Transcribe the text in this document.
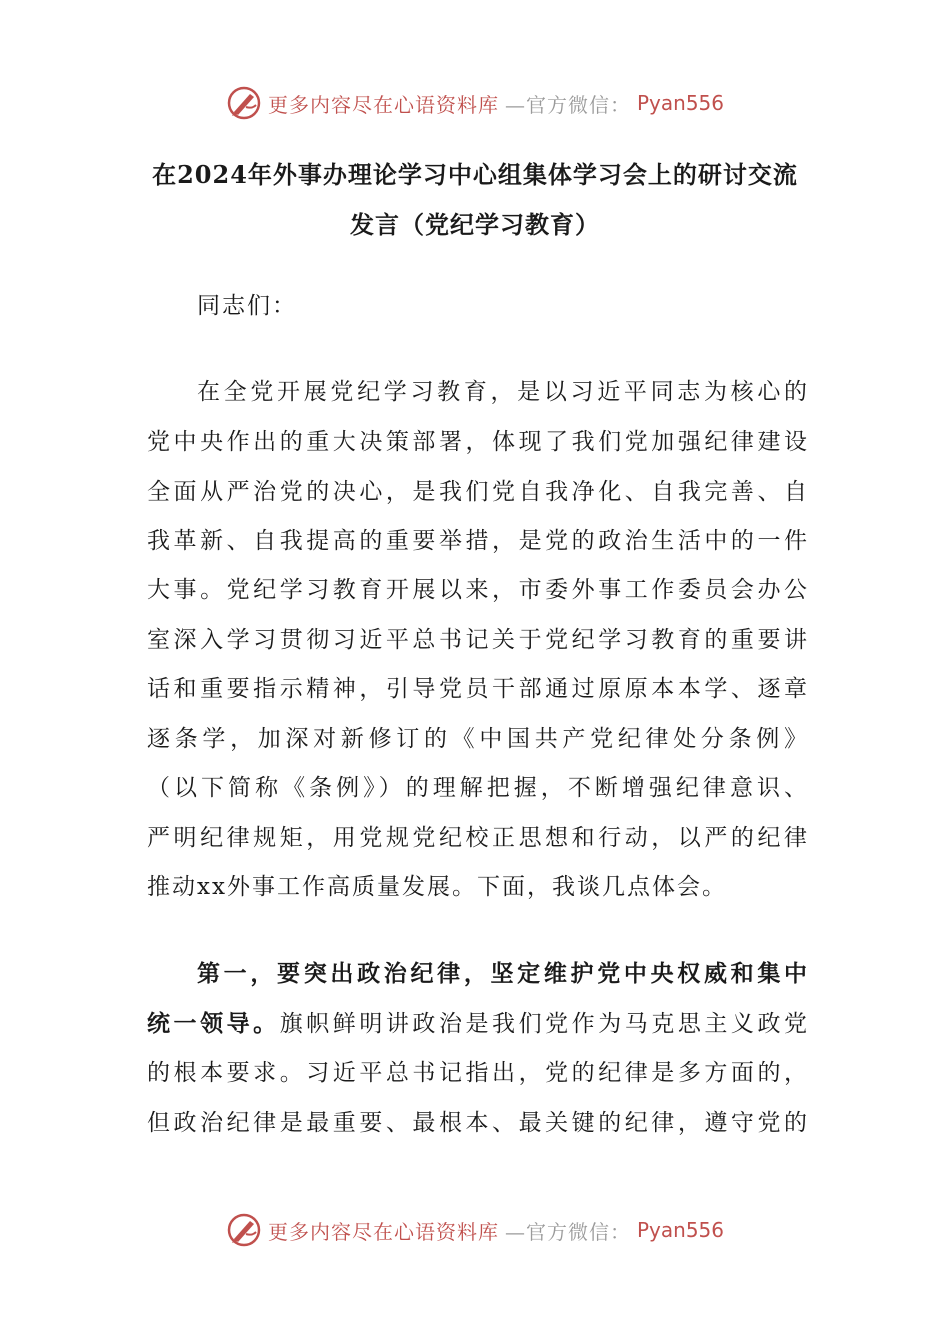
更多内容尽在心语资料库 —官方微信： Pyan556
在2024年外事办理论学习中心组集体学习会上的研讨交流
发言（党纪学习教育）
同志们：
在全党开展党纪学习教育，是以习近平同志为核心的
党中央作出的重大决策部署，体现了我们党加强纪律建设
全面从严治党的决心，是我们党自我净化、自我完善、自
我革新、自我提高的重要举措，是党的政治生活中的一件
大事。党纪学习教育开展以来，市委外事工作委员会办公
室深入学习贯彻习近平总书记关于党纪学习教育的重要讲
话和重要指示精神，引导党员干部通过原原本本学、逐章
逐条学，加深对新修订的《中国共产党纪律处分条例》
（以下简称《条例》）的理解把握，不断增强纪律意识、
严明纪律规矩，用党规党纪校正思想和行动，以严的纪律
推动xx外事工作高质量发展。下面，我谈几点体会。
第一，要突出政治纪律，坚定维护党中央权威和集中
统一领导。旗帜鲜明讲政治是我们党作为马克思主义政党
的根本要求。习近平总书记指出，党的纪律是多方面的，
但政治纪律是最重要、最根本、最关键的纪律，遵守党的
更多内容尽在心语资料库 —官方微信： Pyan556
